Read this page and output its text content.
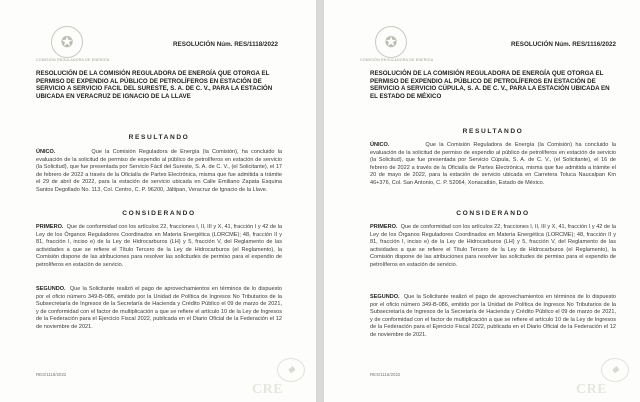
✪
COMISIÓN REGULADORA DE ENERGÍA
RESOLUCIÓN Núm. RES/1118/2022
RESOLUCIÓN DE LA COMISIÓN REGULADORA DE ENERGÍA QUE OTORGA EL PERMISO DE EXPENDIO AL PÚBLICO DE PETROLÍFEROS EN ESTACIÓN DE SERVICIO A SERVICIO FACIL DEL SURESTE, S. A. DE C. V., PARA LA ESTACIÓN UBICADA EN VERACRUZ DE IGNACIO DE LA LLAVE
RESULTANDO

ÚNICO.	Que la Comisión Reguladora de Energía (la Comisión), ha concluido la evaluación de la solicitud de permiso de expendio al público de petrolíferos en estación de servicio (la Solicitud), que fue presentada por Servicio Fácil del Sureste, S. A. de C. V., (el Solicitante), el 17 de febrero de 2022 a través de la Oficialía de Partes Electrónica, misma que fue admitida a trámite el 29 de abril de 2022, para la estación de servicio ubicada en Calle Emiliano Zapata Esquina Santos Degollado No. 113, Col. Centro, C. P. 96200, Jáltipan, Veracruz de Ignacio de la Llave.

CONSIDERANDO

PRIMERO. Que de conformidad con los artículos 22, fracciones I, II, III y X, 41, fracción I y 42 de la Ley de los Órganos Reguladores Coordinados en Materia Energética (LORCME); 48, fracción II y 81, fracción I, inciso e) de la Ley de Hidrocarburos (LH) y 5, fracción V, del Reglamento de las actividades a que se refiere el Título Tercero de la Ley de Hidrocarburos (el Reglamento), la Comisión dispone de las atribuciones para resolver las solicitudes de permiso para el expendio de petrolíferos en estación de servicio.

SEGUNDO. Que la Solicitante realizó el pago de aprovechamientos en términos de lo dispuesto por el oficio número 349-B-086, emitido por la Unidad de Política de Ingresos No Tributarios de la Subsecretaría de Ingresos de la Secretaría de Hacienda y Crédito Público el 09 de marzo de 2021, y de conformidad con el factor de multiplicación a que se refiere el artículo 10 de la Ley de Ingresos de la Federación para el Ejercicio Fiscal 2022, publicada en el Diario Oficial de la Federación el 12 de noviembre de 2021.

RES/1118/2022	❖
CRE
✪
COMISIÓN REGULADORA DE ENERGÍA
RESOLUCIÓN Núm. RES/1116/2022
RESOLUCIÓN DE LA COMISIÓN REGULADORA DE ENERGÍA QUE OTORGA EL PERMISO DE EXPENDIO AL PÚBLICO DE PETROLÍFEROS EN ESTACIÓN DE SERVICIO A SERVICIO CÚPULA, S. A. DE C. V., PARA LA ESTACIÓN UBICADA EN EL ESTADO DE MÉXICO
RESULTANDO

ÚNICO.	Que la Comisión Reguladora de Energía (la Comisión) ha concluido la evaluación de la solicitud de permiso de expendio al público de petrolíferos en estación de servicio (la Solicitud), que fue presentada por Servicio Cúpula, S. A. de C. V., (el Solicitante), el 16 de febrero de 2022 a través de la Oficialía de Partes Electrónica, misma que fue admitida a trámite el 20 de mayo de 2022, para la estación de servicio ubicada en Carretera Toluca Naucalpan Km 46+376, Col. San Antonio, C. P. 52064, Xonacatlán, Estado de México.

CONSIDERANDO

PRIMERO. Que de conformidad con los artículos 22, fracciones I, II, III y X, 41, fracción I y 42 de la Ley de los Órganos Reguladores Coordinados en Materia Energética (LORCME); 48, fracción II y 81, fracción I, inciso e) de la Ley de Hidrocarburos (LH) y 5, fracción V, del Reglamento de las actividades a que se refiere el Título Tercero de la Ley de Hidrocarburos (el Reglamento), la Comisión dispone de las atribuciones para resolver las solicitudes de permiso para el expendio de petrolíferos en estación de servicio.

SEGUNDO. Que la Solicitante realizó el pago de aprovechamientos en términos de lo dispuesto por el oficio número 349-B-086, emitido por la Unidad de Política de Ingresos No Tributarios de la Subsecretaría de Ingresos de la Secretaría de Hacienda y Crédito Público el 09 de marzo de 2021, y de conformidad con el factor de multiplicación a que se refiere el artículo 10 de la Ley de Ingresos de la Federación para el Ejercicio Fiscal 2022, publicada en el Diario Oficial de la Federación el 12 de noviembre de 2021.

RES/1116/2022	❖
CRE
